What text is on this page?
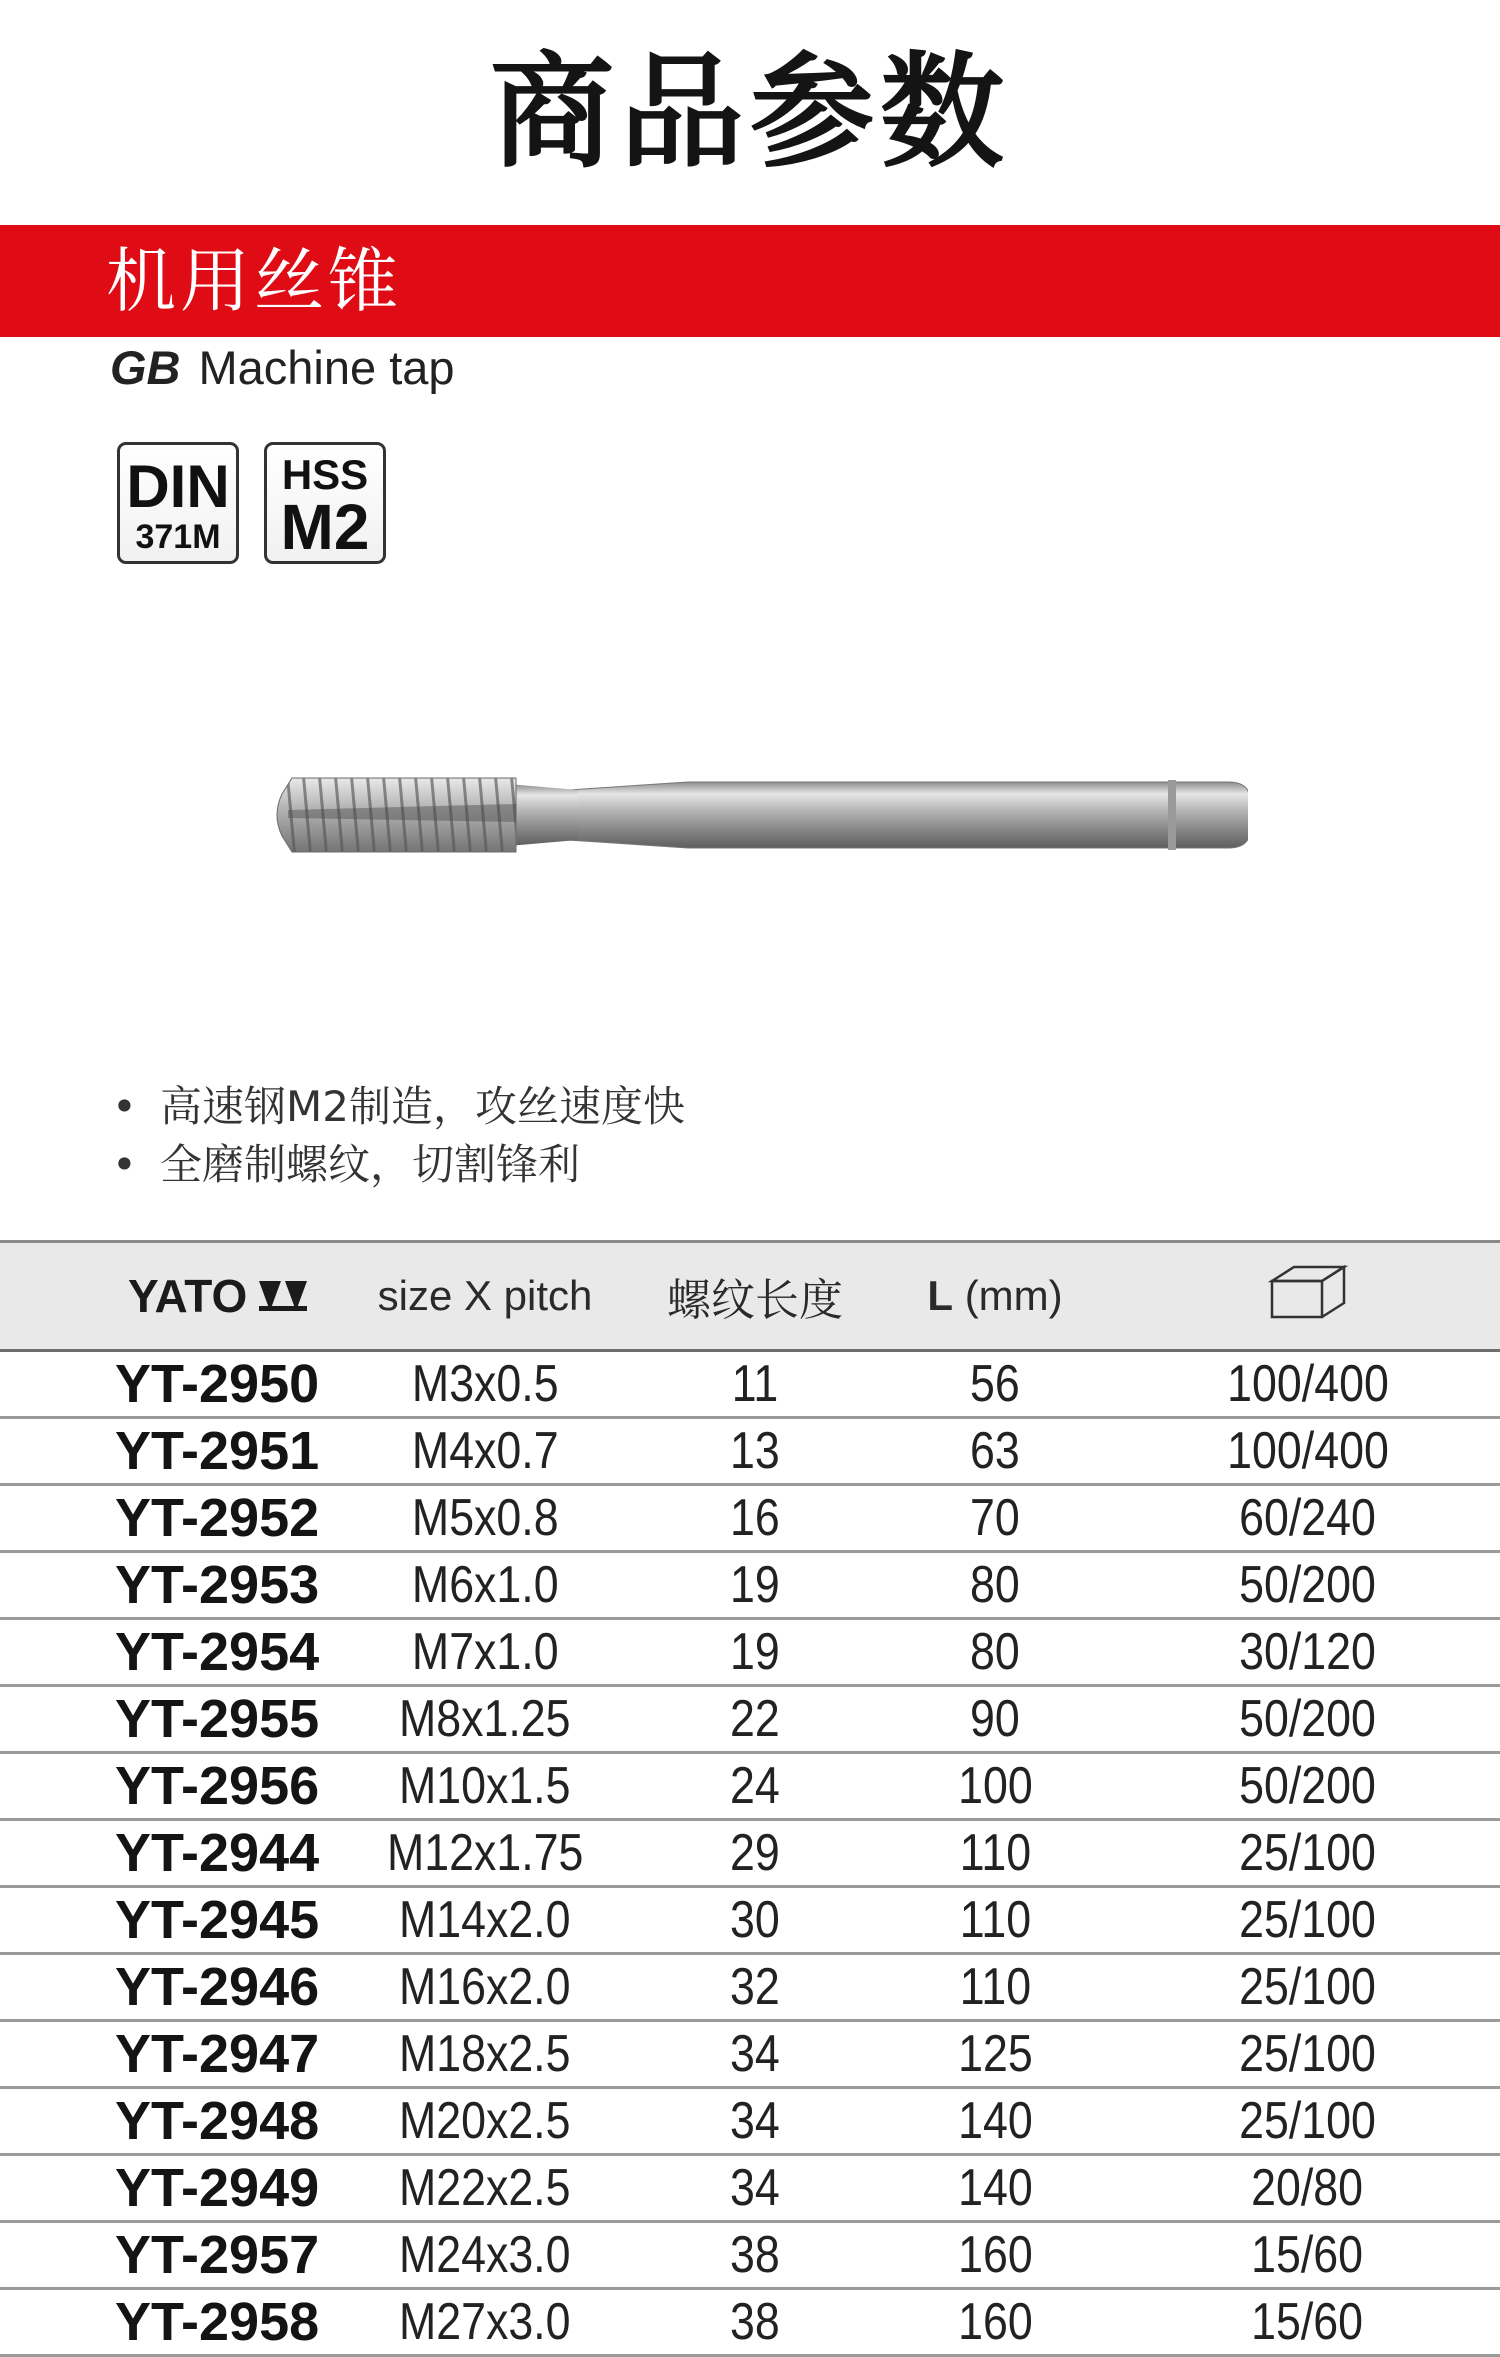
商品参数
机用丝锥
GB Machine tap
DIN
371M
HSS
M2
• 高速钢M2制造，攻丝速度快
• 全磨制螺纹，切割锋利
YATO	size X pitch	螺纹长度	L (mm)	
YT-2950	M3x0.5	11	56	100/400
YT-2951	M4x0.7	13	63	100/400
YT-2952	M5x0.8	16	70	60/240
YT-2953	M6x1.0	19	80	50/200
YT-2954	M7x1.0	19	80	30/120
YT-2955	M8x1.25	22	90	50/200
YT-2956	M10x1.5	24	100	50/200
YT-2944	M12x1.75	29	110	25/100
YT-2945	M14x2.0	30	110	25/100
YT-2946	M16x2.0	32	110	25/100
YT-2947	M18x2.5	34	125	25/100
YT-2948	M20x2.5	34	140	25/100
YT-2949	M22x2.5	34	140	20/80
YT-2957	M24x3.0	38	160	15/60
YT-2958	M27x3.0	38	160	15/60
